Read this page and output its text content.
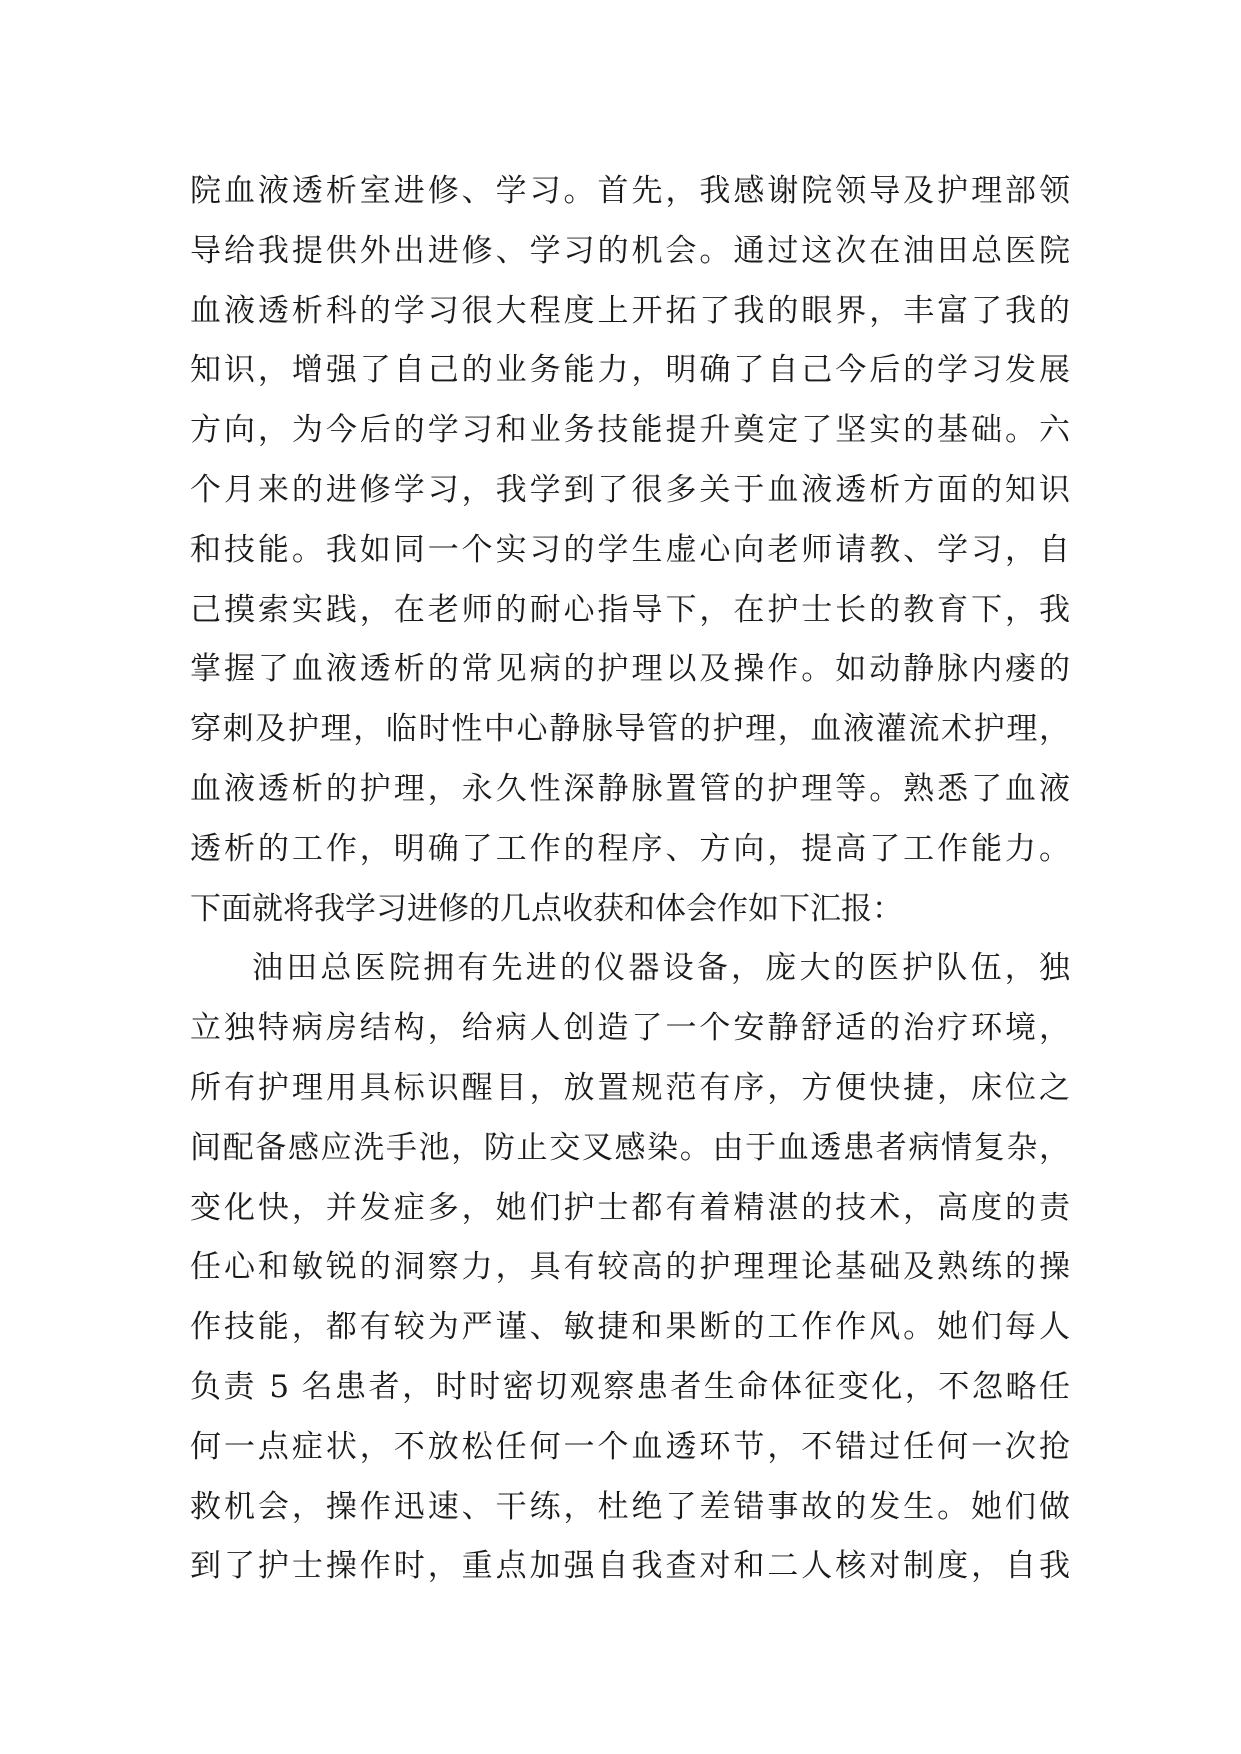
院血液透析室进修、学习。首先，我感谢院领导及护理部领
导给我提供外出进修、学习的机会。通过这次在油田总医院
血液透析科的学习很大程度上开拓了我的眼界，丰富了我的
知识，增强了自己的业务能力，明确了自己今后的学习发展
方向，为今后的学习和业务技能提升奠定了坚实的基础。六
个月来的进修学习，我学到了很多关于血液透析方面的知识
和技能。我如同一个实习的学生虚心向老师请教、学习，自
己摸索实践，在老师的耐心指导下，在护士长的教育下，我
掌握了血液透析的常见病的护理以及操作。如动静脉内瘘的
穿刺及护理，临时性中心静脉导管的护理，血液灌流术护理，
血液透析的护理，永久性深静脉置管的护理等。熟悉了血液
透析的工作，明确了工作的程序、方向，提高了工作能力。
下面就将我学习进修的几点收获和体会作如下汇报：
油田总医院拥有先进的仪器设备，庞大的医护队伍，独
立独特病房结构，给病人创造了一个安静舒适的治疗环境，
所有护理用具标识醒目，放置规范有序，方便快捷，床位之
间配备感应洗手池，防止交叉感染。由于血透患者病情复杂，
变化快，并发症多，她们护士都有着精湛的技术，高度的责
任心和敏锐的洞察力，具有较高的护理理论基础及熟练的操
作技能，都有较为严谨、敏捷和果断的工作作风。她们每人
负责 5 名患者，时时密切观察患者生命体征变化，不忽略任
何一点症状，不放松任何一个血透环节，不错过任何一次抢
救机会，操作迅速、干练，杜绝了差错事故的发生。她们做
到了护士操作时，重点加强自我查对和二人核对制度，自我
